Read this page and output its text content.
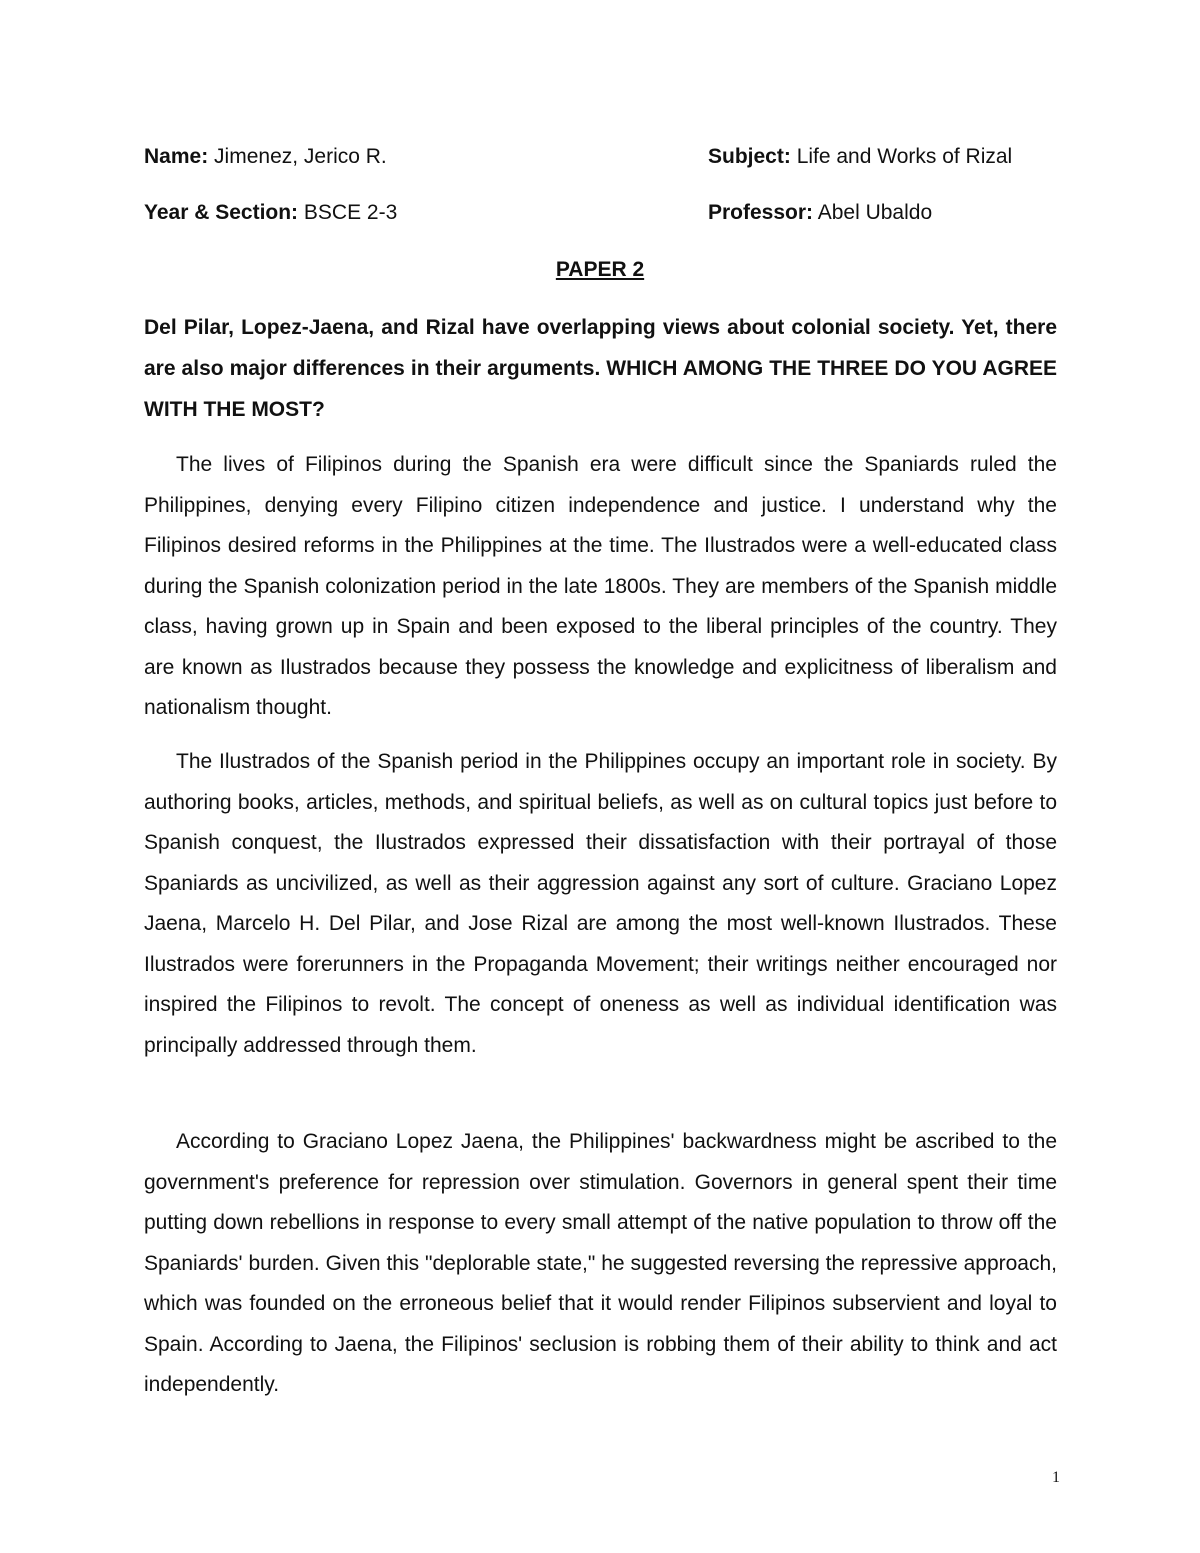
Name: Jimenez, Jerico R.	Subject: Life and Works of Rizal
Year & Section: BSCE 2-3	Professor: Abel Ubaldo
PAPER 2
Del Pilar, Lopez-Jaena, and Rizal have overlapping views about colonial society. Yet, there are also major differences in their arguments. WHICH AMONG THE THREE DO YOU AGREE WITH THE MOST?

The lives of Filipinos during the Spanish era were difficult since the Spaniards ruled the Philippines, denying every Filipino citizen independence and justice. I understand why the Filipinos desired reforms in the Philippines at the time. The Ilustrados were a well-educated class during the Spanish colonization period in the late 1800s. They are members of the Spanish middle class, having grown up in Spain and been exposed to the liberal principles of the country. They are known as Ilustrados because they possess the knowledge and explicitness of liberalism and nationalism thought.

The Ilustrados of the Spanish period in the Philippines occupy an important role in society. By authoring books, articles, methods, and spiritual beliefs, as well as on cultural topics just before to Spanish conquest, the Ilustrados expressed their dissatisfaction with their portrayal of those Spaniards as uncivilized, as well as their aggression against any sort of culture. Graciano Lopez Jaena, Marcelo H. Del Pilar, and Jose Rizal are among the most well-known Ilustrados. These Ilustrados were forerunners in the Propaganda Movement; their writings neither encouraged nor inspired the Filipinos to revolt. The concept of oneness as well as individual identification was principally addressed through them.

According to Graciano Lopez Jaena, the Philippines' backwardness might be ascribed to the government's preference for repression over stimulation. Governors in general spent their time putting down rebellions in response to every small attempt of the native population to throw off the Spaniards' burden. Given this "deplorable state," he suggested reversing the repressive approach, which was founded on the erroneous belief that it would render Filipinos subservient and loyal to Spain. According to Jaena, the Filipinos' seclusion is robbing them of their ability to think and act independently.

1
